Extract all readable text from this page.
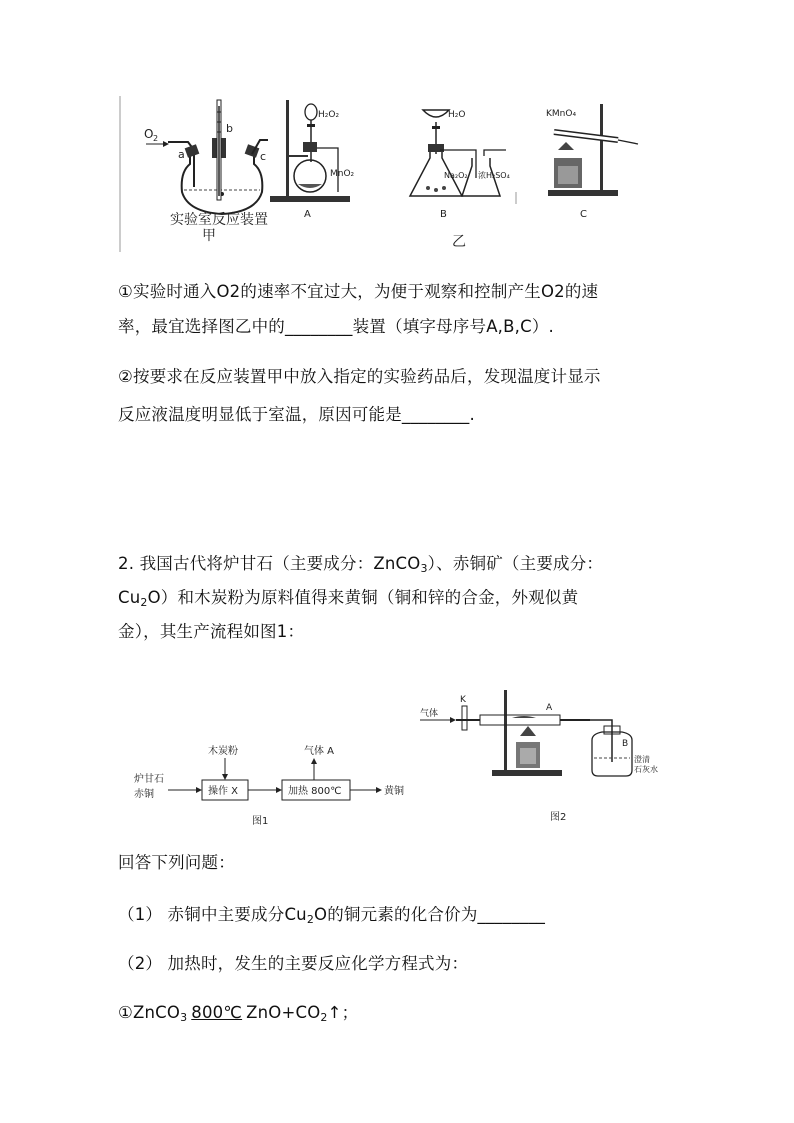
O 2
a
b
c
实验室反应装置
甲
H₂O₂
MnO₂
A
H₂O
Na₂O₂ 浓H₂SO₄
B
乙
KMnO₄
C
①实验时通入O2的速率不宜过大，为便于观察和控制产生O2的速
率，最宜选择图乙中的________装置（填字母序号A,B,C）.
②按要求在反应装置甲中放入指定的实验药品后，发现温度计显示
反应液温度明显低于室温，原因可能是________.
2. 我国古代将炉甘石（主要成分：ZnCO$_3$）、赤铜矿（主要成分：
$Cu_2O$）和木炭粉为原料值得来黄铜（铜和锌的合金，外观似黄
金），其生产流程如图1：
炉甘石
赤铜
木炭粉
操作 X	加热 800℃
气体 A
黄铜
图1
气体
K
A
B
澄清
石灰水
图2
回答下列问题：
（1） 赤铜中主要成分$Cu_2O$的铜元素的化合价为________
（2） 加热时，发生的主要反应化学方程式为：
①ZnCO$_3$ 800℃ $ZnO+CO_2↑$；
